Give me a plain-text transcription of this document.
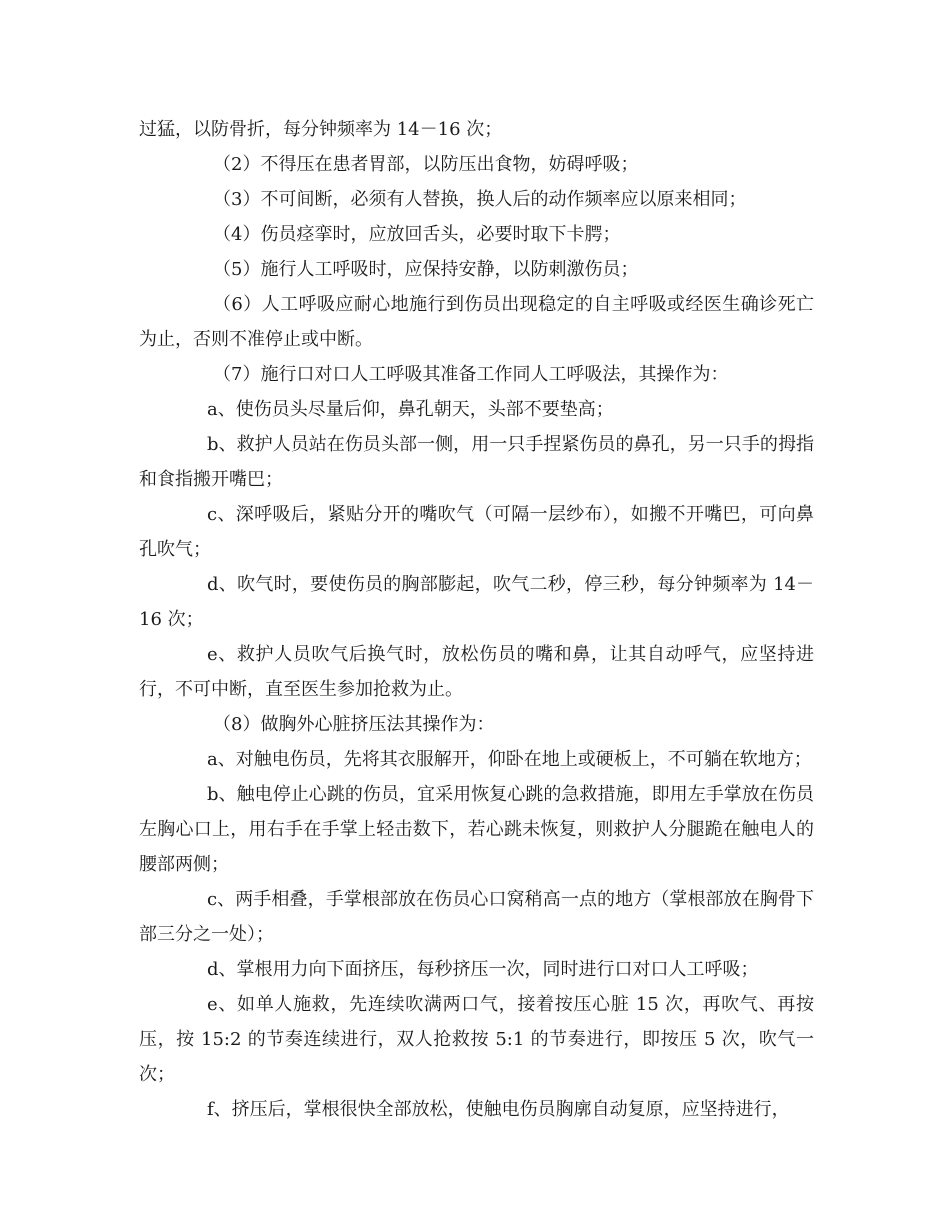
过猛，以防骨折，每分钟频率为 14－16 次；

（2）不得压在患者胃部，以防压出食物，妨碍呼吸；

（3）不可间断，必须有人替换，换人后的动作频率应以原来相同；

（4）伤员痉挛时，应放回舌头，必要时取下卡腭；

（5）施行人工呼吸时，应保持安静，以防刺激伤员；

（6）人工呼吸应耐心地施行到伤员出现稳定的自主呼吸或经医生确诊死亡为止，否则不准停止或中断。

（7）施行口对口人工呼吸其准备工作同人工呼吸法，其操作为：

a、使伤员头尽量后仰，鼻孔朝天，头部不要垫高；

b、救护人员站在伤员头部一侧，用一只手捏紧伤员的鼻孔，另一只手的拇指和食指搬开嘴巴；

c、深呼吸后，紧贴分开的嘴吹气（可隔一层纱布），如搬不开嘴巴，可向鼻孔吹气；

d、吹气时，要使伤员的胸部膨起，吹气二秒，停三秒，每分钟频率为 14－16 次；

e、救护人员吹气后换气时，放松伤员的嘴和鼻，让其自动呼气，应坚持进行，不可中断，直至医生参加抢救为止。

（8）做胸外心脏挤压法其操作为：

a、对触电伤员，先将其衣服解开，仰卧在地上或硬板上，不可躺在软地方；

b、触电停止心跳的伤员，宜采用恢复心跳的急救措施，即用左手掌放在伤员左胸心口上，用右手在手掌上轻击数下，若心跳未恢复，则救护人分腿跪在触电人的腰部两侧；

c、两手相叠，手掌根部放在伤员心口窝稍高一点的地方（掌根部放在胸骨下部三分之一处）；

d、掌根用力向下面挤压，每秒挤压一次，同时进行口对口人工呼吸；

e、如单人施救，先连续吹满两口气，接着按压心脏 15 次，再吹气、再按压，按 15:2 的节奏连续进行，双人抢救按 5:1 的节奏进行，即按压 5 次，吹气一次；

f、挤压后，掌根很快全部放松，使触电伤员胸廓自动复原，应坚持进行，
